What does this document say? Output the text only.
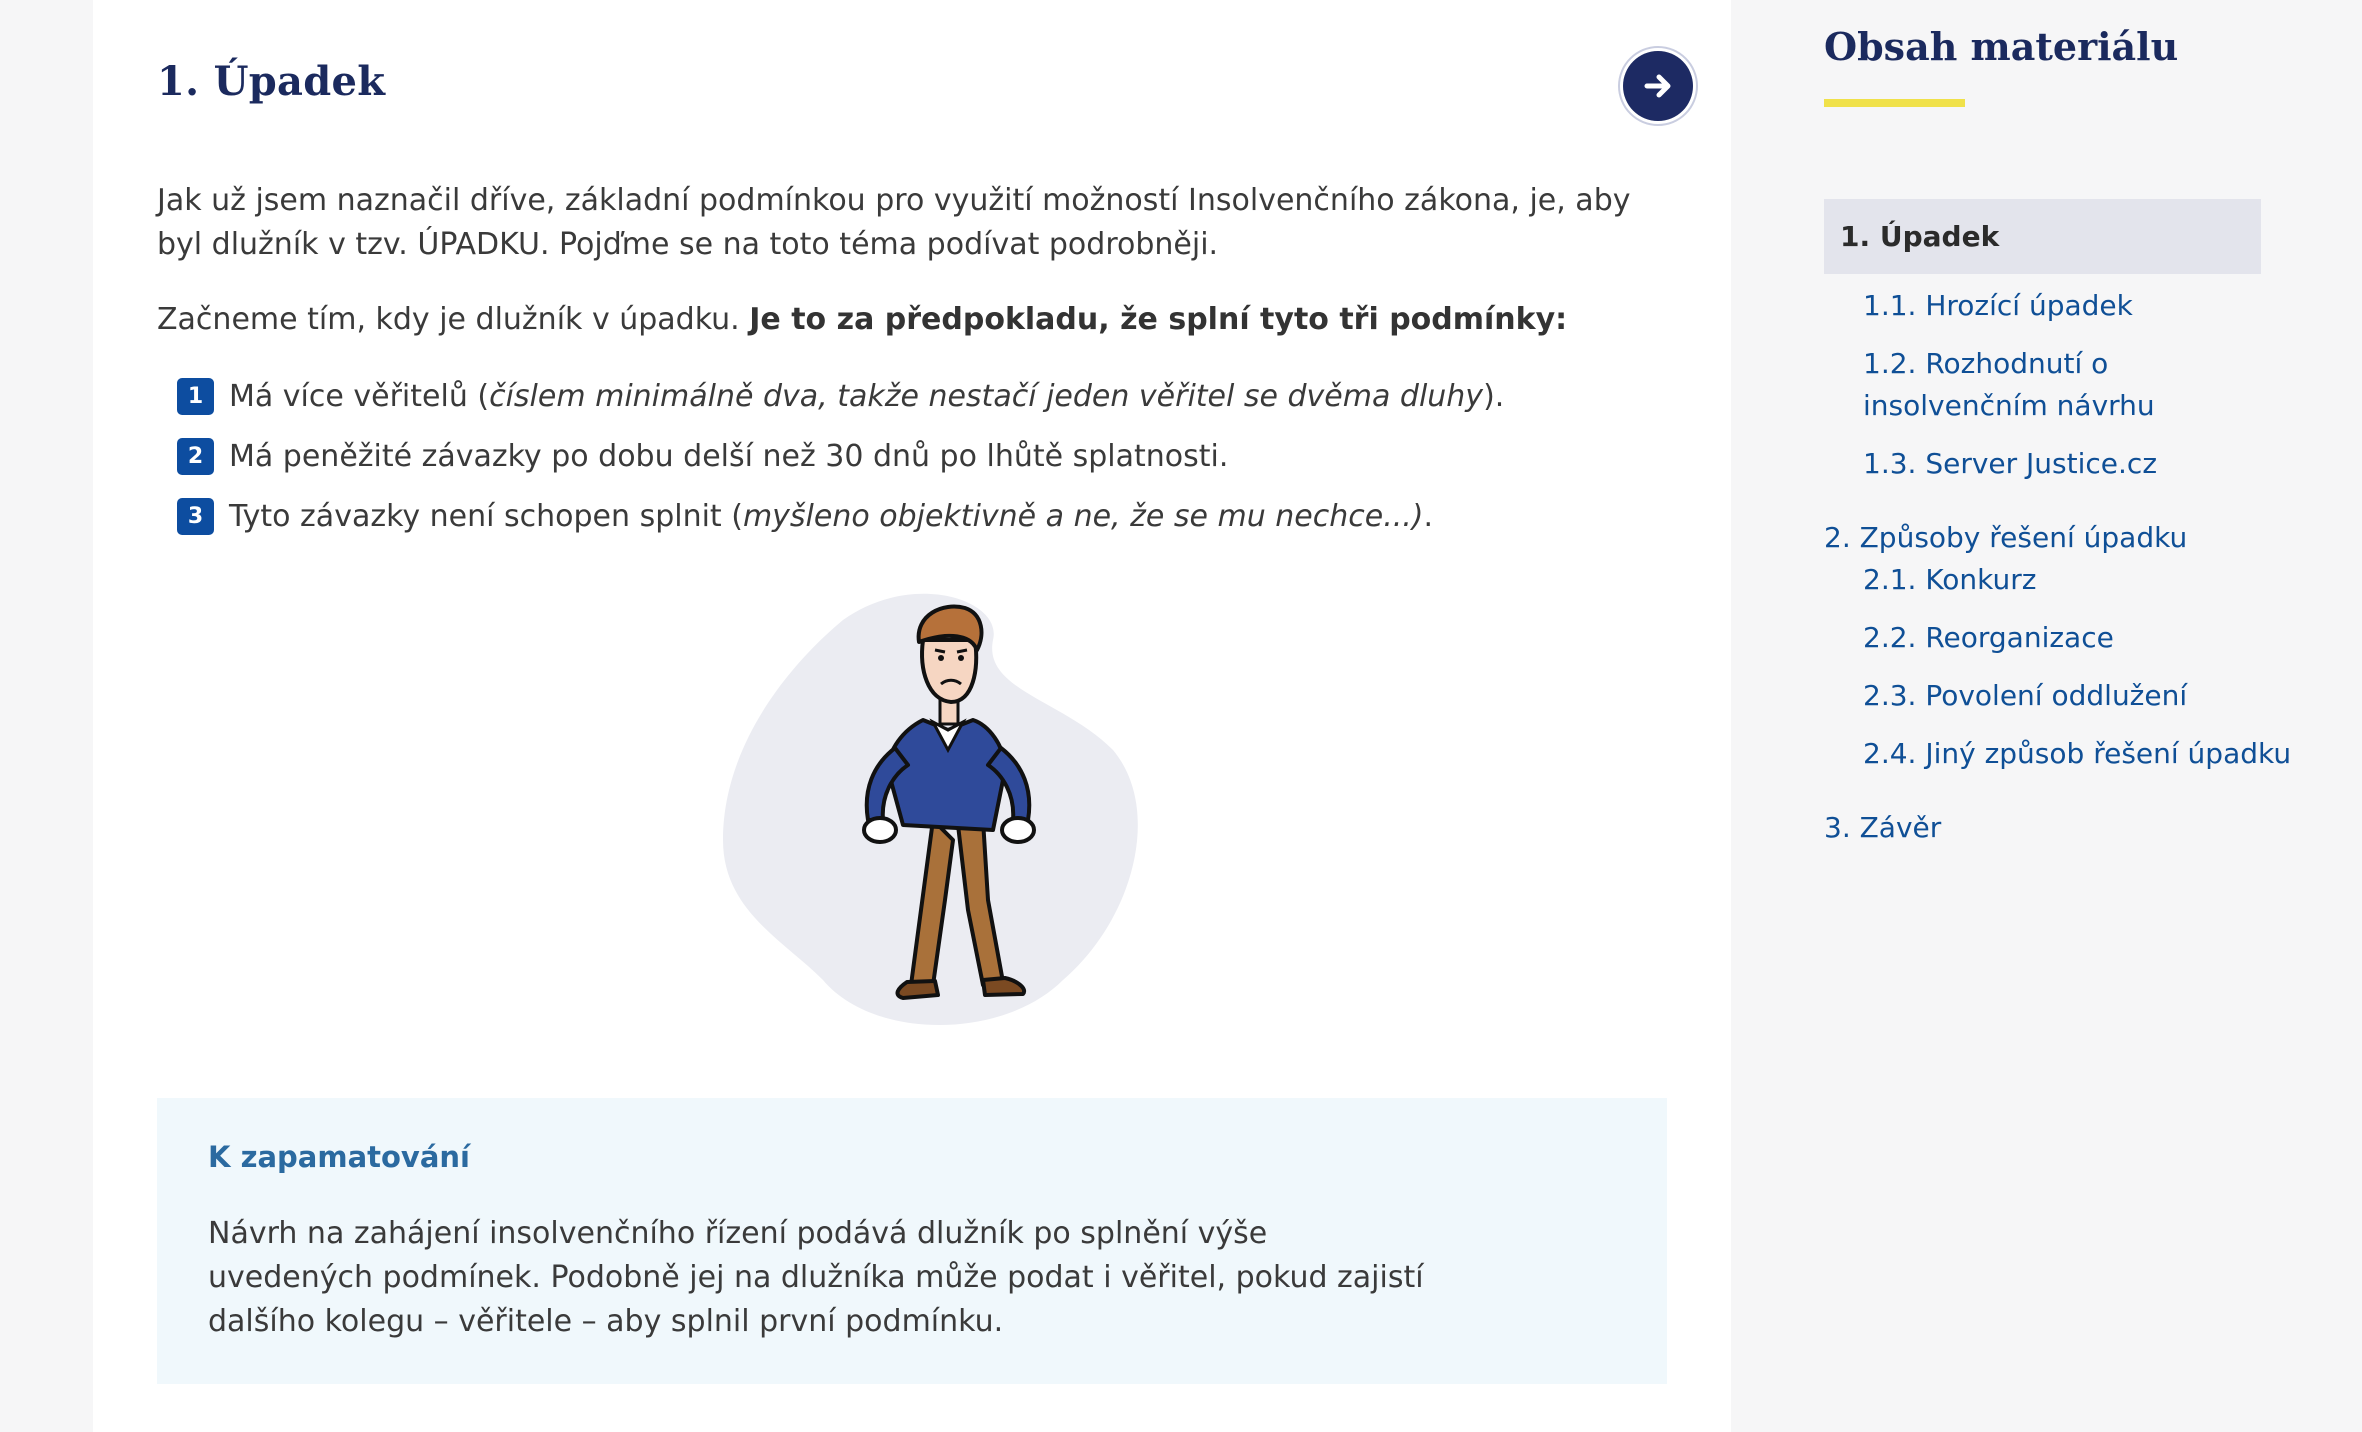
1. Úpadek

Jak už jsem naznačil dříve, základní podmínkou pro využití možností Insolvenčního zákona, je, aby byl dlužník v tzv. ÚPADKU. Pojďme se na toto téma podívat podrobněji.

Začneme tím, kdy je dlužník v úpadku. Je to za předpokladu, že splní tyto tři podmínky:

1 Má více věřitelů (číslem minimálně dva, takže nestačí jeden věřitel se dvěma dluhy).
2 Má peněžité závazky po dobu delší než 30 dnů po lhůtě splatnosti.
3 Tyto závazky není schopen splnit (myšleno objektivně a ne, že se mu nechce...).
K zapamatování

Návrh na zahájení insolvenčního řízení podává dlužník po splnění výše uvedených podmínek. Podobně jej na dlužníka může podat i věřitel, pokud zajistí dalšího kolegu – věřitele – aby splnil první podmínku.

Obsah materiálu
1. Úpadek
1.1. Hrozící úpadek
1.2. Rozhodnutí o
insolvenčním návrhu
1.3. Server Justice.cz
2. Způsoby řešení úpadku
2.1. Konkurz
2.2. Reorganizace
2.3. Povolení oddlužení
2.4. Jiný způsob řešení úpadku
3. Závěr
